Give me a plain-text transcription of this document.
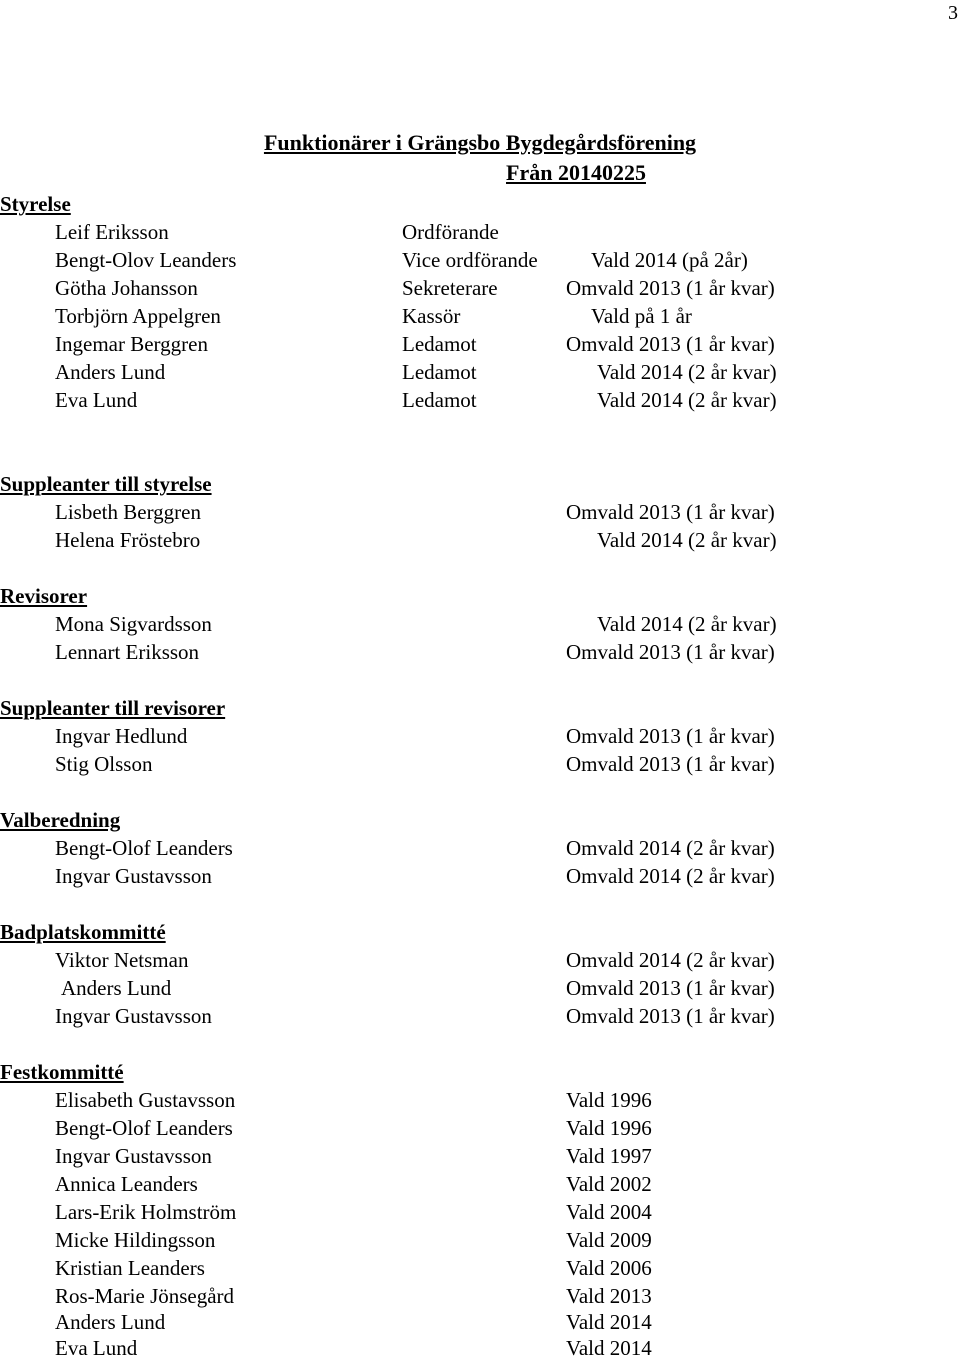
3
Funktionärer i Grängsbo Bygdegårdsförening
Från 20140225
Styrelse
Leif Eriksson	Ordförande
Bengt-Olov Leanders	Vice ordförande	Vald 2014 (på 2år)
Götha Johansson	Sekreterare	Omvald 2013 (1 år kvar)
Torbjörn Appelgren	Kassör	Vald på 1 år
Ingemar Berggren	Ledamot	Omvald 2013 (1 år kvar)
Anders Lund	Ledamot	Vald 2014 (2 år kvar)
Eva Lund	Ledamot	Vald 2014 (2 år kvar)
Suppleanter till styrelse
Lisbeth Berggren	Omvald 2013 (1 år kvar)
Helena Fröstebro	Vald 2014 (2 år kvar)
Revisorer
Mona Sigvardsson	Vald 2014 (2 år kvar)
Lennart Eriksson	Omvald 2013 (1 år kvar)
Suppleanter till revisorer
Ingvar Hedlund	Omvald 2013 (1 år kvar)
Stig Olsson	Omvald 2013 (1 år kvar)
Valberedning
Bengt-Olof Leanders	Omvald 2014 (2 år kvar)
Ingvar Gustavsson	Omvald 2014 (2 år kvar)
Badplatskommitté
Viktor Netsman	Omvald 2014 (2 år kvar)
Anders Lund	Omvald 2013 (1 år kvar)
Ingvar Gustavsson	Omvald 2013 (1 år kvar)
Festkommitté
Elisabeth Gustavsson	Vald 1996
Bengt-Olof Leanders	Vald 1996
Ingvar Gustavsson	Vald 1997
Annica Leanders	Vald 2002
Lars-Erik Holmström	Vald 2004
Micke Hildingsson	Vald 2009
Kristian Leanders	Vald 2006
Ros-Marie Jönsegård	Vald 2013
Anders Lund	Vald 2014
Eva Lund	Vald 2014
